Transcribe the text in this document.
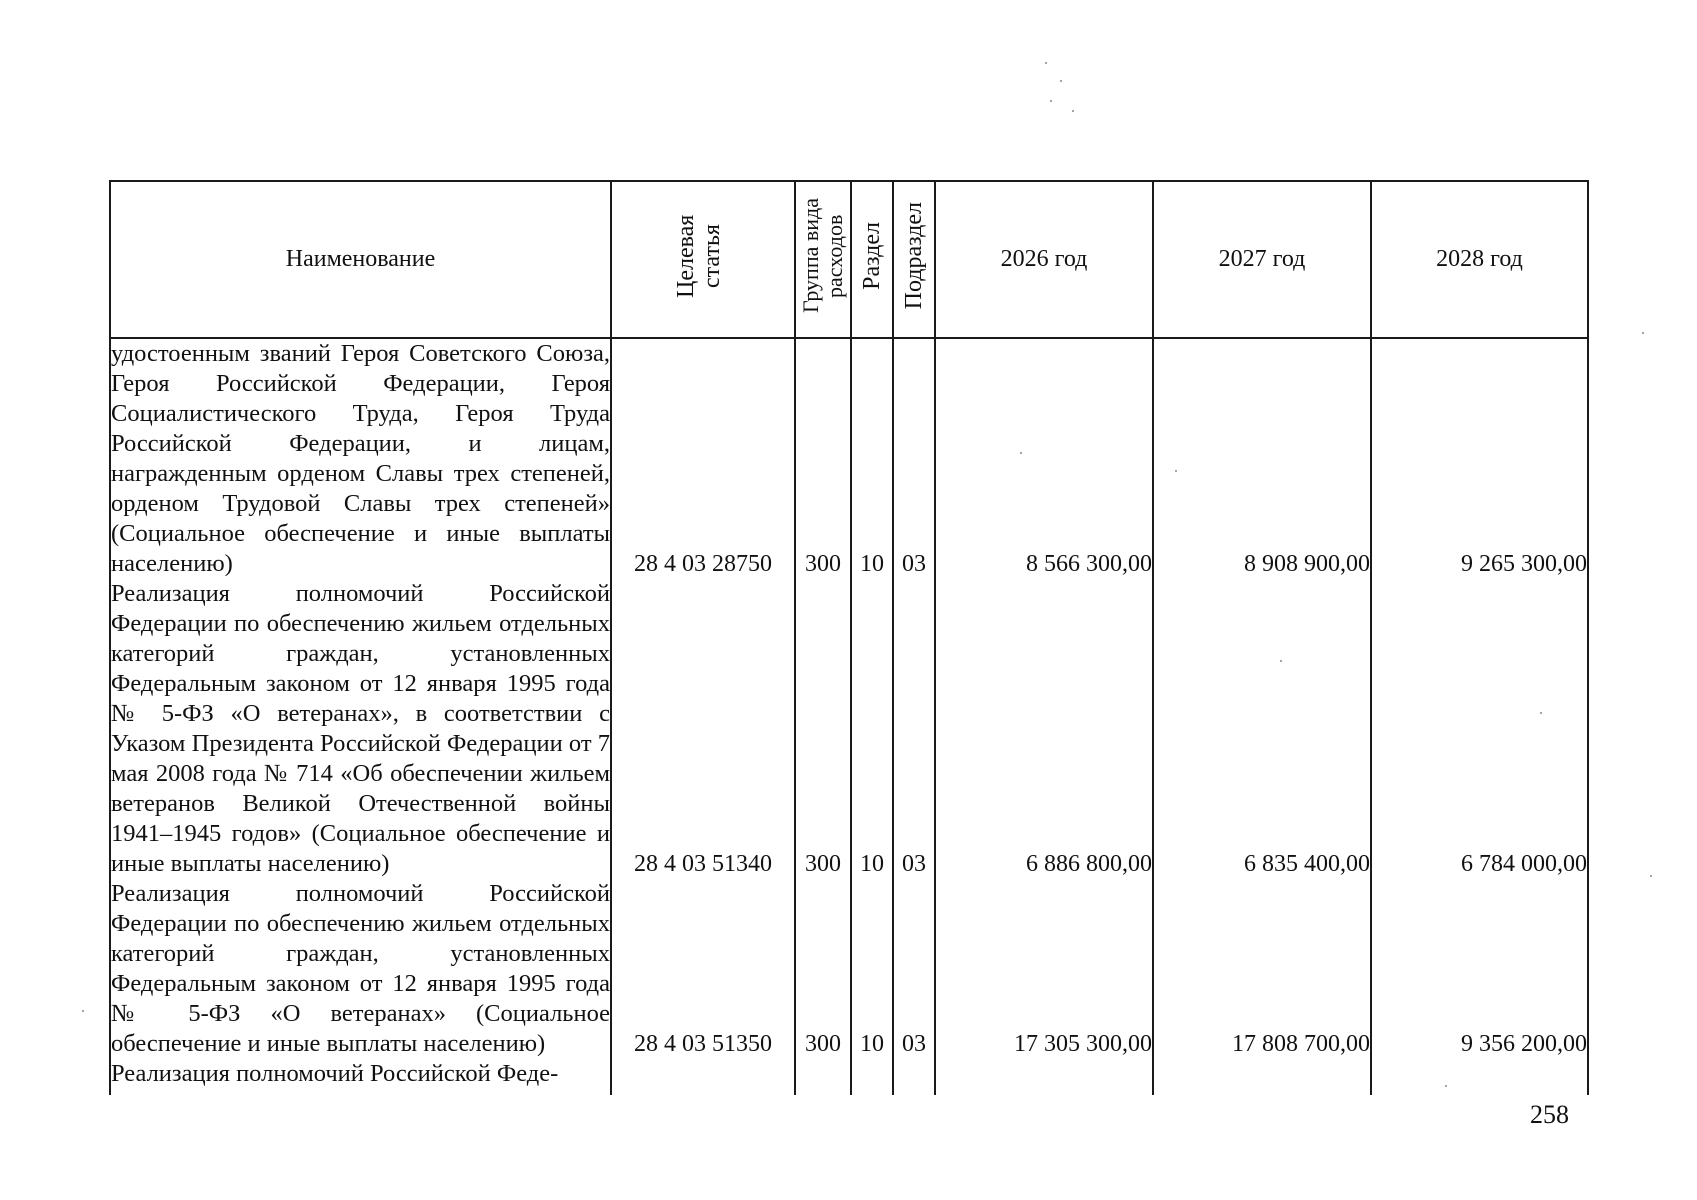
Наименование	Целевая статья	Группа вида расходов	Раздел	Подраздел	2026 год	2027 год	2028 год
удостоенным званий Героя Советского Союза, Героя Российской Федерации, Героя Социалистического Труда, Героя Труда Российской Федерации, и лицам, награжденным орденом Славы трех степеней, орденом Трудовой Славы трех степеней» (Социальное обеспечение и иные выплаты населению)	28 4 03 28750	300	10	03	8 566 300,00	8 908 900,00	9 265 300,00
Реализация полномочий Российской Федерации по обеспечению жильем отдельных категорий граждан, установленных Федеральным законом от 12 января 1995 года № 5-ФЗ «О ветеранах», в соответствии с Указом Президента Российской Федерации от 7 мая 2008 года № 714 «Об обеспечении жильем ветеранов Великой Отечественной войны 1941–1945 годов» (Социальное обеспечение и иные выплаты населению)	28 4 03 51340	300	10	03	6 886 800,00	6 835 400,00	6 784 000,00
Реализация полномочий Российской Федерации по обеспечению жильем отдельных категорий граждан, установленных Федеральным законом от 12 января 1995 года № 5-ФЗ «О ветеранах» (Социальное обеспечение и иные выплаты населению)	28 4 03 51350	300	10	03	17 305 300,00	17 808 700,00	9 356 200,00
Реализация полномочий Российской Феде-							
258
